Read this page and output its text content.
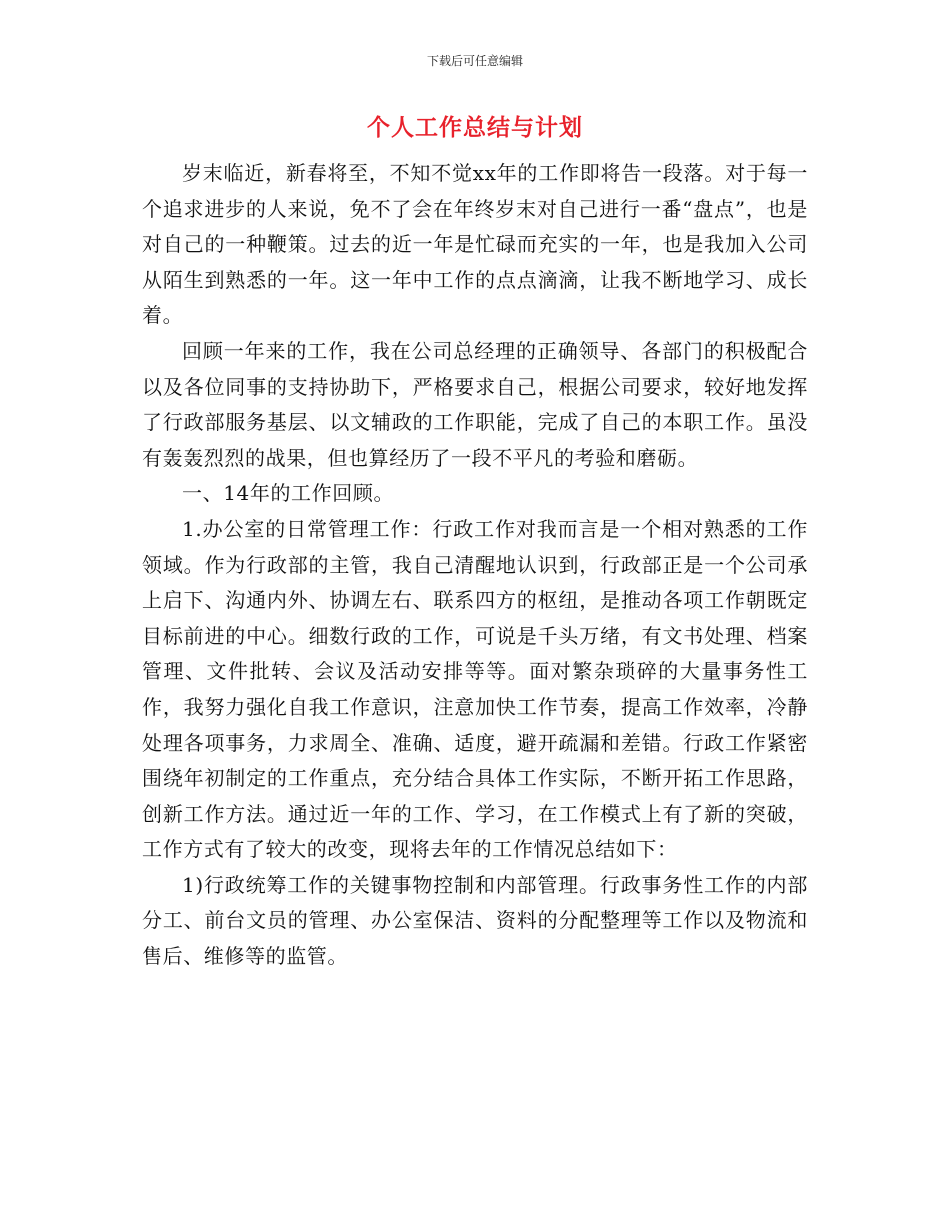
下载后可任意编辑
个人工作总结与计划

岁末临近，新春将至，不知不觉xx年的工作即将告一段落。对于每一个追求进步的人来说，免不了会在年终岁末对自己进行一番“盘点”，也是对自己的一种鞭策。过去的近一年是忙碌而充实的一年，也是我加入公司从陌生到熟悉的一年。这一年中工作的点点滴滴，让我不断地学习、成长着。

回顾一年来的工作，我在公司总经理的正确领导、各部门的积极配合以及各位同事的支持协助下，严格要求自己，根据公司要求，较好地发挥了行政部服务基层、以文辅政的工作职能，完成了自己的本职工作。虽没有轰轰烈烈的战果，但也算经历了一段不平凡的考验和磨砺。

一、14年的工作回顾。

1.办公室的日常管理工作：行政工作对我而言是一个相对熟悉的工作领域。作为行政部的主管，我自己清醒地认识到，行政部正是一个公司承上启下、沟通内外、协调左右、联系四方的枢纽，是推动各项工作朝既定目标前进的中心。细数行政的工作，可说是千头万绪，有文书处理、档案管理、文件批转、会议及活动安排等等。面对繁杂琐碎的大量事务性工作，我努力强化自我工作意识，注意加快工作节奏，提高工作效率，冷静处理各项事务，力求周全、准确、适度，避开疏漏和差错。行政工作紧密围绕年初制定的工作重点，充分结合具体工作实际，不断开拓工作思路，创新工作方法。通过近一年的工作、学习，在工作模式上有了新的突破，工作方式有了较大的改变，现将去年的工作情况总结如下：

1)行政统筹工作的关键事物控制和内部管理。行政事务性工作的内部分工、前台文员的管理、办公室保洁、资料的分配整理等工作以及物流和售后、维修等的监管。
